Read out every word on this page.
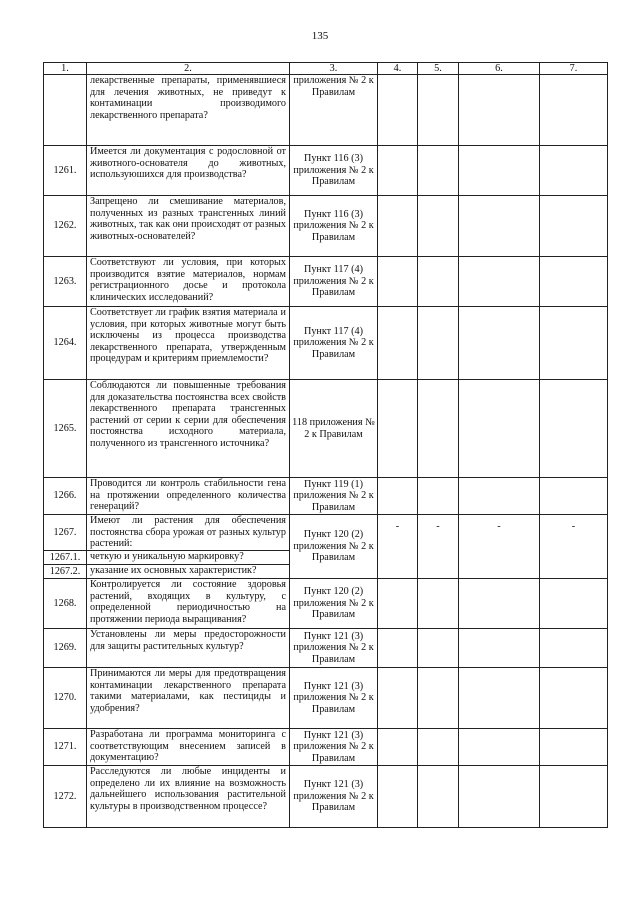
135
1.	2.	3.	4.	5.	6.	7.
	лекарственные препараты, применявшиеся для лечения животных, не приведут к контаминации производимого лекарственного препарата?	приложения № 2 к Правилам				
1261.	Имеется ли документация с родословной от животного-основателя до животных, используюшихся для производства?	Пункт 116 (3) приложения № 2 к Правилам				
1262.	Запрещено ли смешивание материалов, полученных из разных трансгенных линий животных, так как они происходят от разных животных-основателей?	Пункт 116 (3) приложения № 2 к Правилам				
1263.	Соответствуют ли условия, при которых производится взятие материалов, нормам регистрационного досье и протокола клинических исследований?	Пункт 117 (4) приложения № 2 к Правилам				
1264.	Соответствует ли график взятия материала и условия, при которых животные могут быть исключены из процесса производства лекарственного препарата, утвержденным процедурам и критериям приемлемости?	Пункт 117 (4) приложения № 2 к Правилам				
1265.	Соблюдаются ли повышенные требования для доказательства постоянства всех свойств лекарственного препарата трансгенных растений от серии к серии для обеспечения постоянства исходного материала, полученного из трансгенного источника?	118 приложения № 2 к Правилам				
1266.	Проводится ли контроль стабильности гена на протяжении определенного количества генераций?	Пункт 119 (1) приложения № 2 к Правилам				
1267.	Имеют ли растения для обеспечения постоянства сбора урожая от разных культур растений:	Пункт 120 (2) приложения № 2 к Правилам	-	-	-	-
1267.1.	четкую и уникальную маркировку?					
1267.2.	указание их основных характеристик?					
1268.	Контролируется ли состояние здоровья растений, входящих в культуру, с определенной периодичностью на протяжении периода выращивания?	Пункт 120 (2) приложения № 2 к Правилам				
1269.	Установлены ли меры предосторожности для защиты растительных культур?	Пункт 121 (3) приложения № 2 к Правилам				
1270.	Принимаются ли меры для предотвращения контаминации лекарственного препарата такими материалами, как пестициды и удобрения?	Пункт 121 (3) приложения № 2 к Правилам				
1271.	Разработана ли программа мониторинга с соответствующим внесением записей в документацию?	Пункт 121 (3) приложения № 2 к Правилам				
1272.	Расследуются ли любые инциденты и определено ли их влияние на возможность дальнейшего использования растительной культуры в производственном процессе?	Пункт 121 (3) приложения № 2 к Правилам				
